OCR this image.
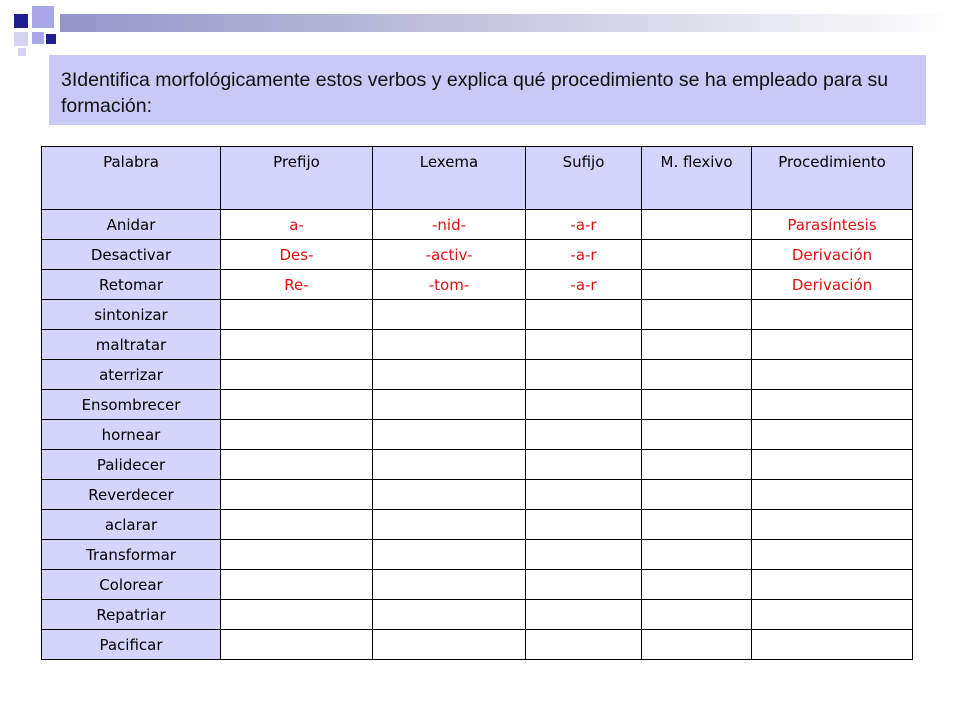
3Identifica morfológicamente estos verbos y explica qué procedimiento se ha empleado para su formación:
Palabra	Prefijo	Lexema	Sufijo	M. flexivo	Procedimiento
Anidar	a-	-nid-	-a-r		Parasíntesis
Desactivar	Des-	-activ-	-a-r		Derivación
Retomar	Re-	-tom-	-a-r		Derivación
sintonizar					
maltratar					
aterrizar					
Ensombrecer					
hornear					
Palidecer					
Reverdecer					
aclarar					
Transformar					
Colorear					
Repatriar					
Pacificar					
